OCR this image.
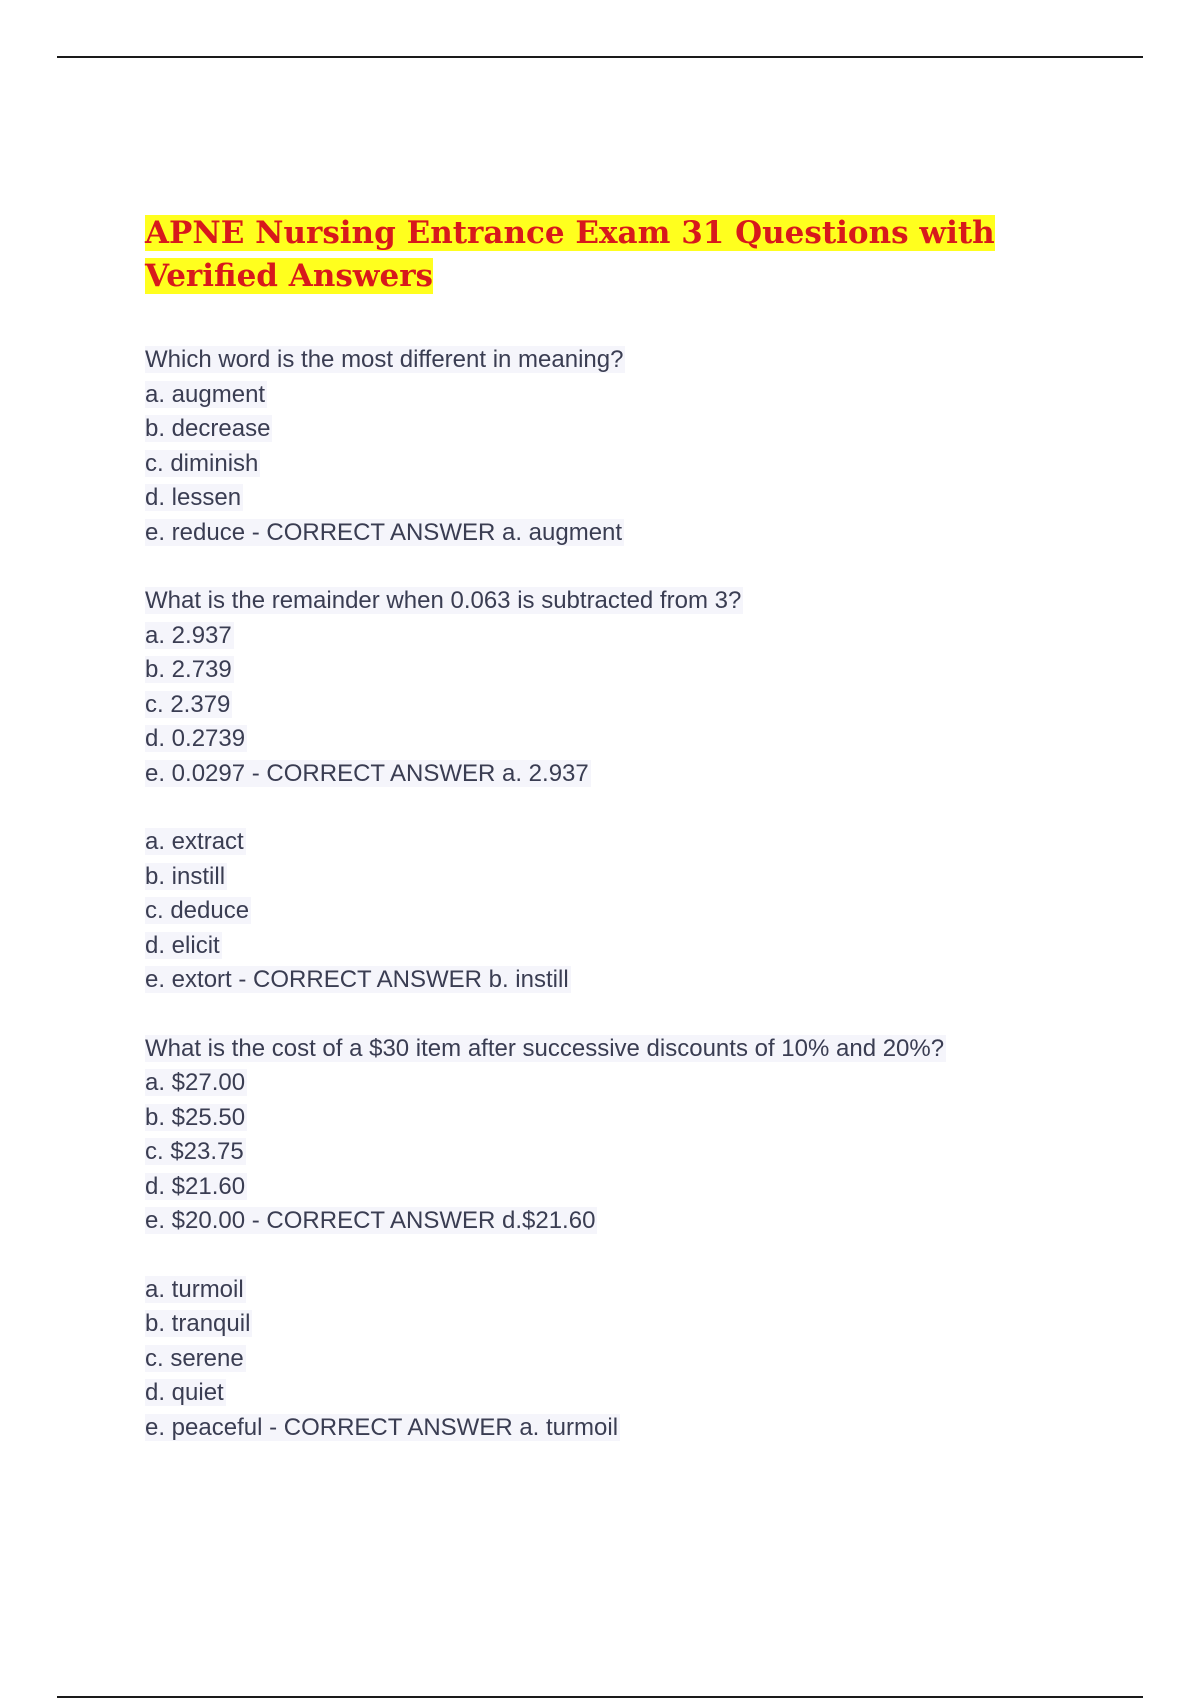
APNE Nursing Entrance Exam 31 Questions with Verified Answers
Which word is the most different in meaning?
a. augment
b. decrease
c. diminish
d. lessen
e. reduce - CORRECT ANSWER a. augment
What is the remainder when 0.063 is subtracted from 3?
a. 2.937
b. 2.739
c. 2.379
d. 0.2739
e. 0.0297 - CORRECT ANSWER a. 2.937
a. extract
b. instill
c. deduce
d. elicit
e. extort - CORRECT ANSWER b. instill
What is the cost of a $30 item after successive discounts of 10% and 20%?
a. $27.00
b. $25.50
c. $23.75
d. $21.60
e. $20.00 - CORRECT ANSWER d.$21.60
a. turmoil
b. tranquil
c. serene
d. quiet
e. peaceful - CORRECT ANSWER a. turmoil
